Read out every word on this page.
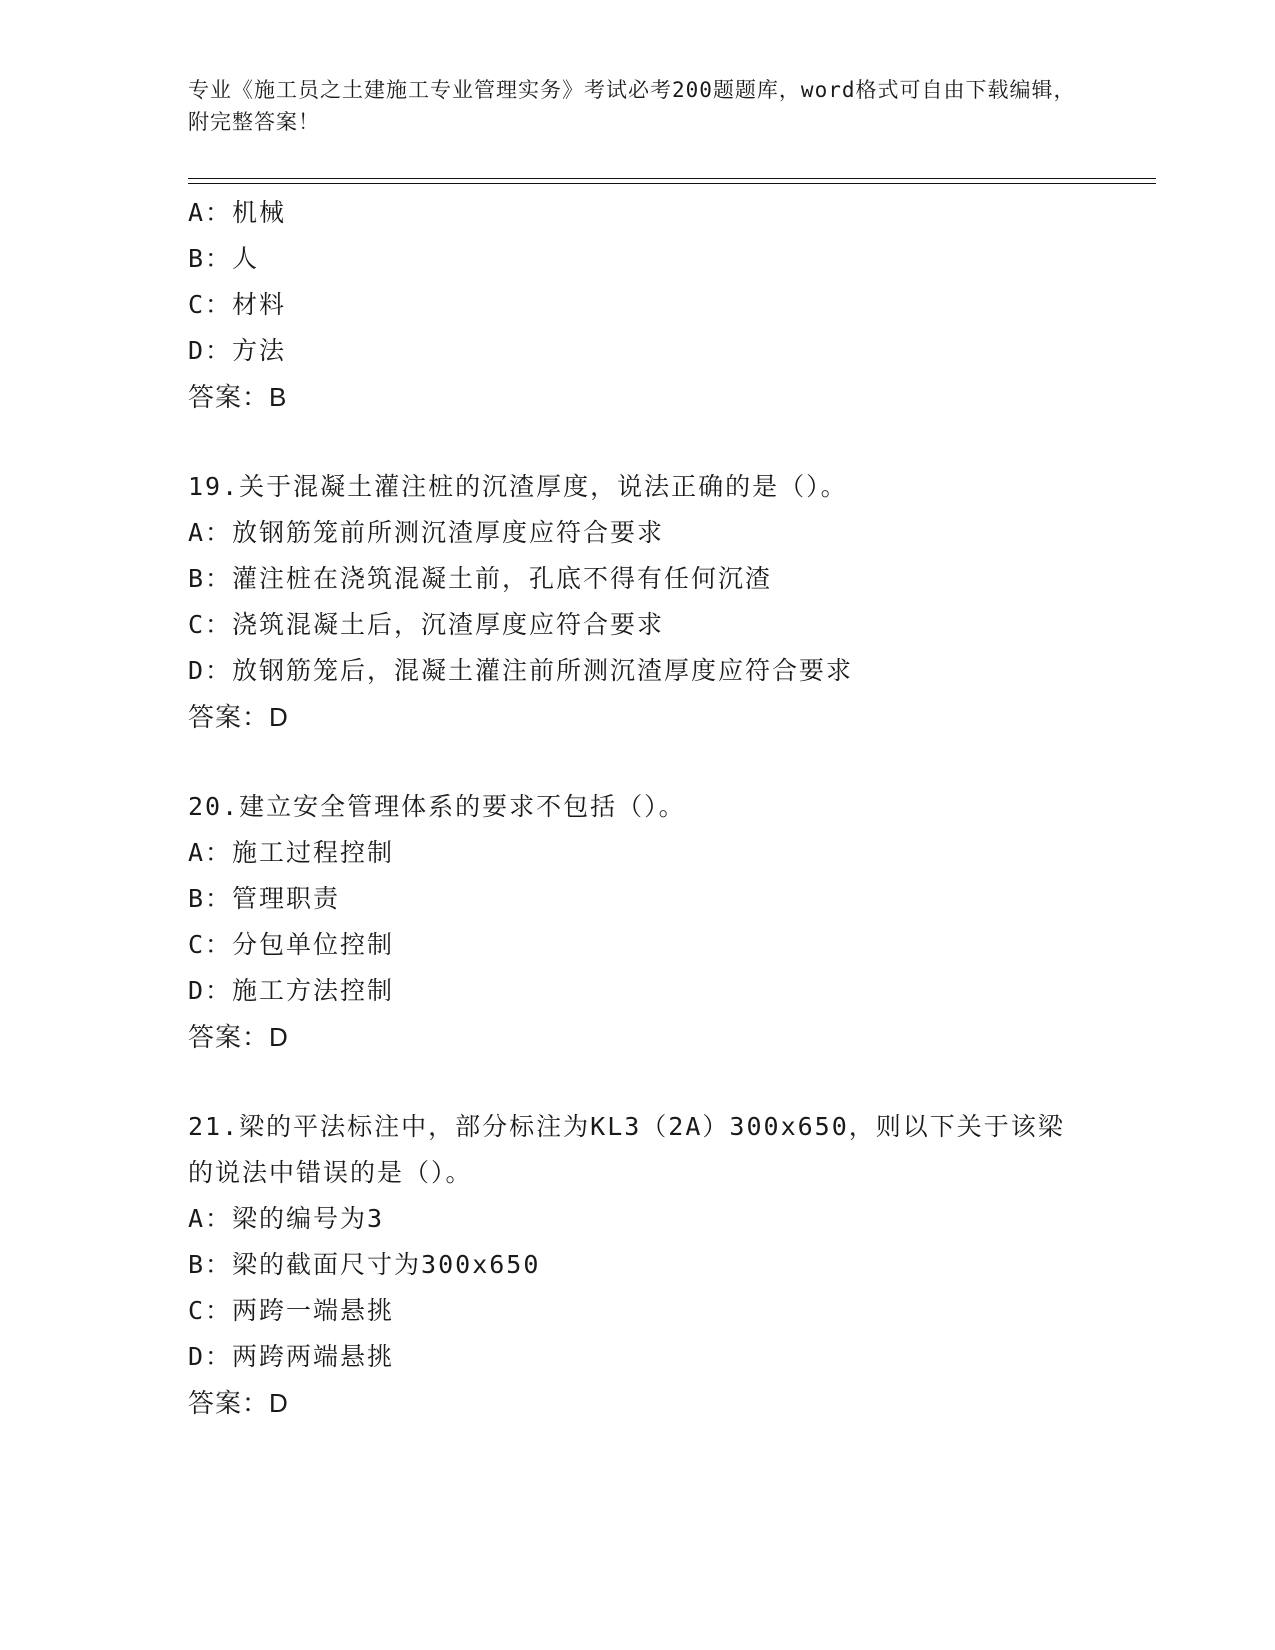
专业《施工员之土建施工专业管理实务》考试必考200题题库，word格式可自由下载编辑，附完整答案！
A：机械
B：人
C：材料
D：方法
答案：B
19.关于混凝土灌注桩的沉渣厚度，说法正确的是（）。
A：放钢筋笼前所测沉渣厚度应符合要求
B：灌注桩在浇筑混凝土前，孔底不得有任何沉渣
C：浇筑混凝土后，沉渣厚度应符合要求
D：放钢筋笼后，混凝土灌注前所测沉渣厚度应符合要求
答案：D
20.建立安全管理体系的要求不包括（）。
A：施工过程控制
B：管理职责
C：分包单位控制
D：施工方法控制
答案：D
21.梁的平法标注中，部分标注为KL3（2A）300x650，则以下关于该梁的说法中错误的是（）。
A：梁的编号为3
B：梁的截面尺寸为300x650
C：两跨一端悬挑
D：两跨两端悬挑
答案：D
